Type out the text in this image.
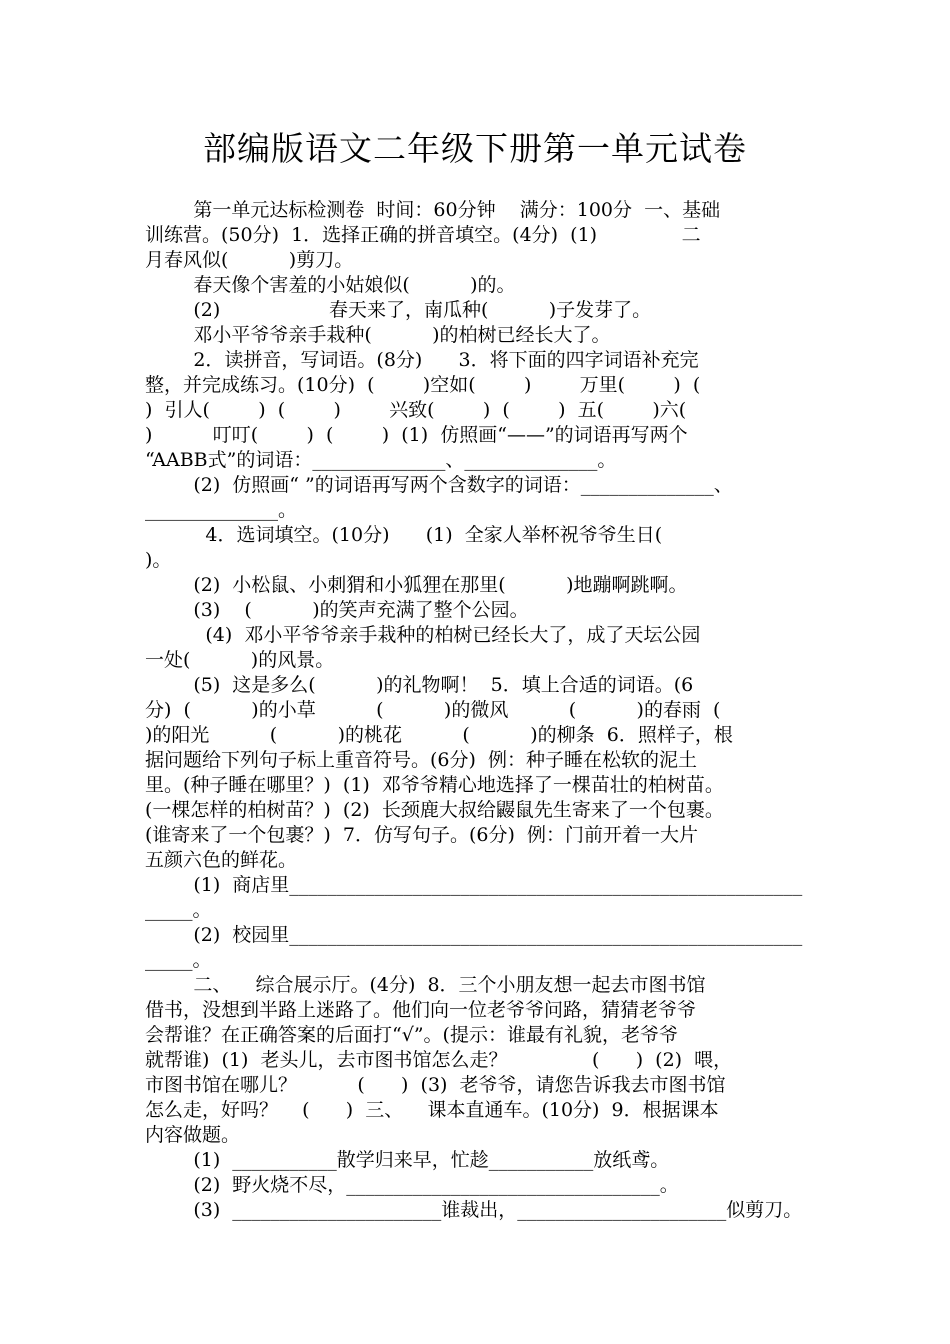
部编版语文二年级下册第一单元试卷
第一单元达标检测卷  时间：60分钟    满分：100分  一、基础
训练营。(50分)  1．选择正确的拼音填空。(4分)  (1)              二
月春风似(          )剪刀。
春天像个害羞的小姑娘似(          )的。
(2)                  春天来了，南瓜种(          )子发芽了。
邓小平爷爷亲手栽种(          )的柏树已经长大了。
2．读拼音，写词语。(8分)      3．将下面的四字词语补充完
整，并完成练习。(10分)  (        )空如(        )        万里(        )  (
)  引人(        )  (        )        兴致(        )  (        )  五(        )六(
)          叮叮(        )  (        )  (1)  仿照画“——”的词语再写两个
“AABB式”的词语：______________、______________。
(2)  仿照画“ ”的词语再写两个含数字的词语：______________、
______________。
4．选词填空。(10分)      (1)  全家人举杯祝爷爷生日(
)。
(2)  小松鼠、小刺猬和小狐狸在那里(          )地蹦啊跳啊。
(3)    (          )的笑声充满了整个公园。
(4)  邓小平爷爷亲手栽种的柏树已经长大了，成了天坛公园
一处(          )的风景。
(5)  这是多么(          )的礼物啊！  5．填上合适的词语。(6
分)  (          )的小草          (          )的微风          (          )的春雨  (
)的阳光          (          )的桃花          (          )的柳条  6．照样子，根
据问题给下列句子标上重音符号。(6分)  例：种子睡在松软的泥土
里。(种子睡在哪里？)  (1)  邓爷爷精心地选择了一棵苗壮的柏树苗。
(一棵怎样的柏树苗？)  (2)  长颈鹿大叔给鼹鼠先生寄来了一个包裹。
(谁寄来了一个包裹？)  7．仿写句子。(6分)  例：门前开着一大片
五颜六色的鲜花。
(1)  商店里______________________________________________________
_____。
(2)  校园里______________________________________________________
_____。
二、    综合展示厅。(4分)  8．三个小朋友想一起去市图书馆
借书，没想到半路上迷路了。他们向一位老爷爷问路，猜猜老爷爷
会帮谁？在正确答案的后面打“√”。(提示：谁最有礼貌，老爷爷
就帮谁)  (1)  老头儿，去市图书馆怎么走？              (      )  (2)  喂，
市图书馆在哪儿？          (      )  (3)  老爷爷，请您告诉我去市图书馆
怎么走，好吗？    (      )  三、    课本直通车。(10分)  9．根据课本
内容做题。
(1)  ___________散学归来早，忙趁___________放纸鸢。
(2)  野火烧不尽，_________________________________。
(3)  ______________________谁裁出，______________________似剪刀。
